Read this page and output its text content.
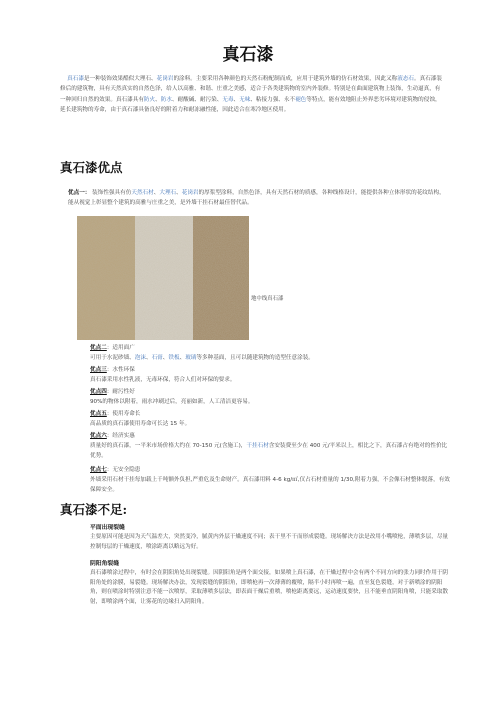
真石漆
真石漆是一种装饰效果酷似大理石、花岗岩的涂料。主要采用各种颜色的天然石粉配制而成，应用于建筑外墙的仿石材效果，因此又称液态石。真石漆装修后的建筑物，具有天然真实的自然色泽，给人以高雅、和谐、庄重之美感，适合于各类建筑物的室内外装修。特别是在曲面建筑物上装饰，生动逼真，有一种回归自然的效果。真石漆具有防火、防水、耐酸碱、耐污染、无毒、无味、粘接力强、永不褪色等特点，能有效地阻止外界恶劣环境对建筑物的侵蚀，延长建筑物的寿命，由于真石漆具备良好的附着力和耐冻融性能，因此适合在寒冷地区使用。
真石漆优点
优点一： 装饰性强具有仿天然石材、大理石、花岗岩的厚浆型涂料，自然色泽，具有天然石材的质感，各种线格设计，能提供各种立体形状的花纹结构，能从视觉上彰显整个建筑的高雅与庄重之美，是外墙干挂石材最佳替代品。
地中线真石漆
优点二：适用面广
可用于水泥砂墙、泡沫、石膏、铁板、玻璃等多种基面，且可以随建筑物的造型任意涂装。
优点三：水性环保
真石漆采用水性乳液，无毒环保，符合人们对环保的要求。
优点四：耐污性好
90%的物体以附着，雨水冲刷过后，亮丽如新，人工清洁更容易。
优点五：使用寿命长
高品质的真石漆使用寿命可长达 15 年。
优点六：经济实惠
质量好的真石漆，一平米市场价格大约在 70-150 元(含施工)，干挂石材含安装费至少在 400 元/平米以上，相比之下，真石漆占有绝对的性价比优势。
优点七：无安全隐患
外墙采用石材干挂每加载上千吨额外负担,严重危及生命财产。真石漆用料 4-6 kg/㎡,仅占石材重量的 1/30,附着力强，不会像石材整体脱落，有效保障安全。
真石漆不足:
平面出现裂缝
主要原因可能是因为天气温差大，突然变冷，腻黄内外层干燥速度不同；表干里不干而形成裂缝。现场解决方法是改用小嘴喷枪，薄喷多层，尽量控制每层的干燥速度，喷涂距离以略远为好。
阴阳角裂缝
真石漆喷涂过程中，有时会在阴阳角处出现裂缝。因阴阳角是两个面交接，如果喷上真石漆，在干燥过程中会有两个不同方向的张力同时作用于阴阳角处的涂膜，易裂缝。现场解决办法，发现裂缝的阴阳角，即喷枪再一次薄薄的覆喷，隔半小时再喷一遍，直至复色裂缝，对于新喷涂的阴阳角，则在喷涂时特别注意不能一次喷厚，采取薄喷多层法，即表面干燥后重喷，喷枪距离要远，运动速度要快，且不能垂直阴阳角喷，只能采取散射，即喷涂两个面，让雾花的边缘扫入阴阳角。
